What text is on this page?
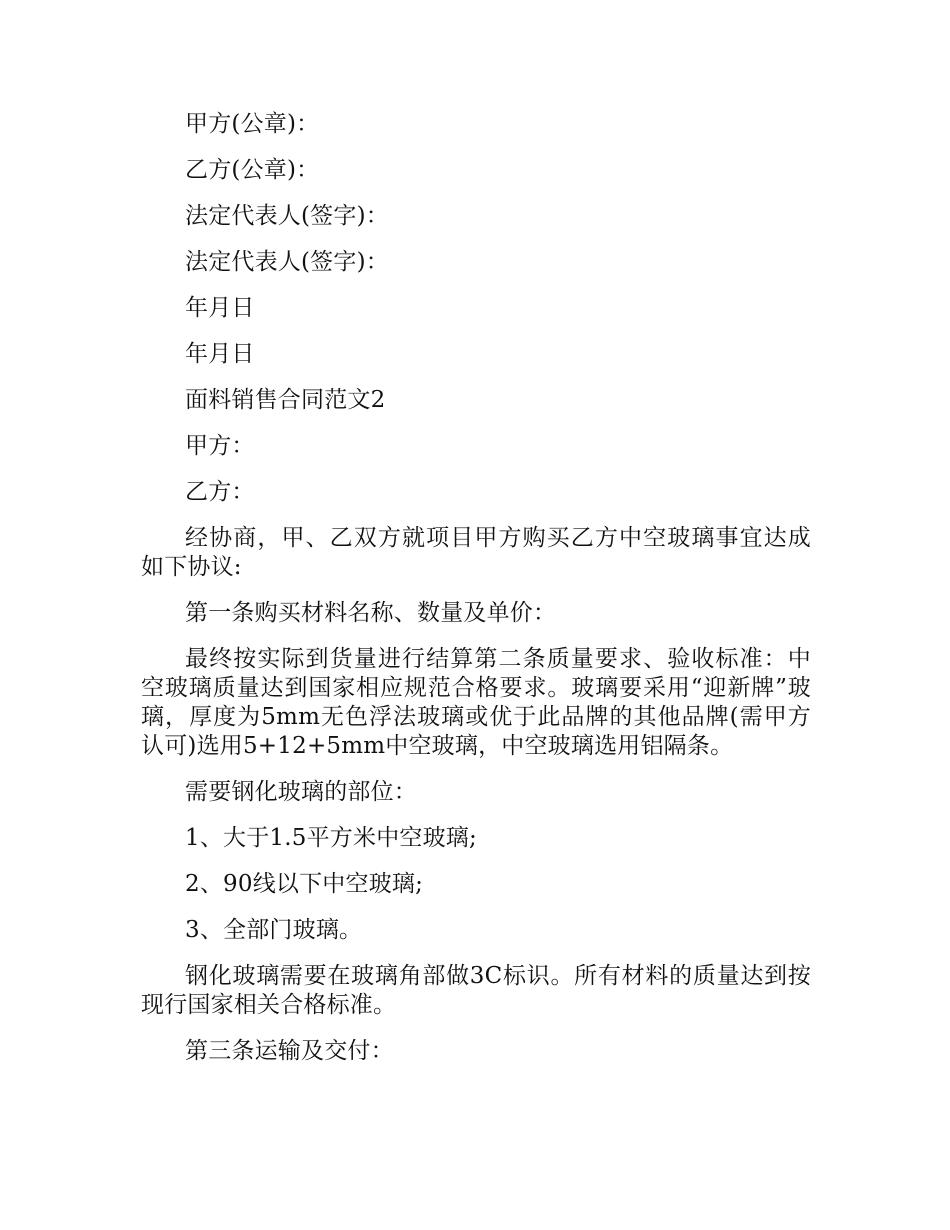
甲方(公章)：

乙方(公章)：

法定代表人(签字)：

法定代表人(签字)：

年月日

年月日

面料销售合同范文2

甲方：

乙方：

经协商，甲、乙双方就项目甲方购买乙方中空玻璃事宜达成如下协议:

第一条购买材料名称、数量及单价：

最终按实际到货量进行结算第二条质量要求、验收标准：中空玻璃质量达到国家相应规范合格要求。玻璃要采用“迎新牌”玻璃，厚度为5mm无色浮法玻璃或优于此品牌的其他品牌(需甲方认可)选用5+12+5mm中空玻璃，中空玻璃选用铝隔条。

需要钢化玻璃的部位：

1、大于1.5平方米中空玻璃;

2、90线以下中空玻璃;

3、全部门玻璃。

钢化玻璃需要在玻璃角部做3C标识。所有材料的质量达到按现行国家相关合格标准。

第三条运输及交付：
